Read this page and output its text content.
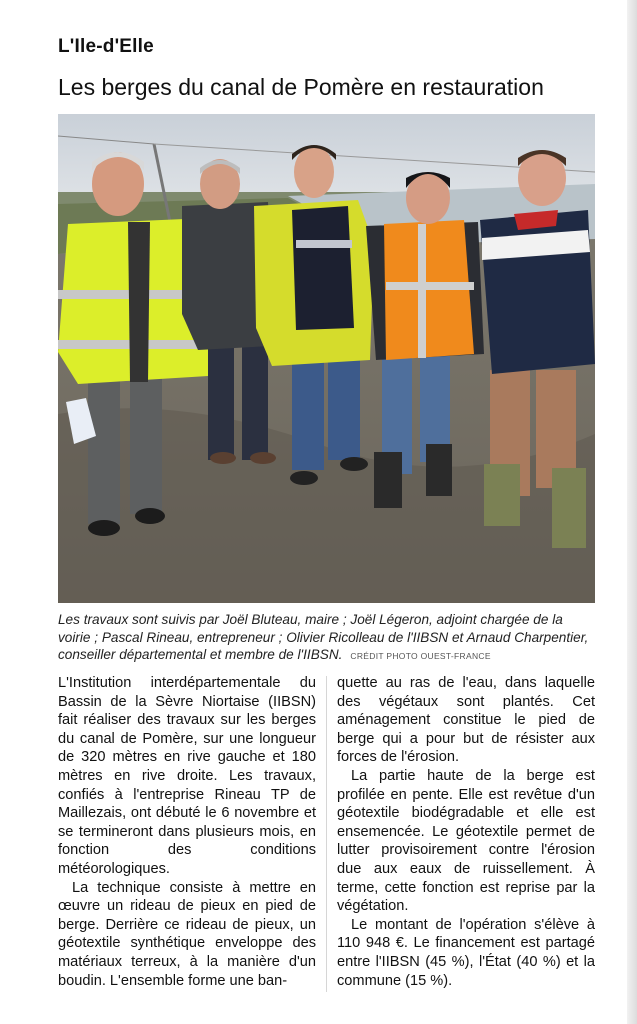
L'Ile-d'Elle
Les berges du canal de Pomère en restauration
Les travaux sont suivis par Joël Bluteau, maire ; Joël Légeron, adjoint chargée de la voirie ; Pascal Rineau, entrepreneur ; Olivier Ricolleau de l'IIBSN et Arnaud Charpentier, conseiller départemental et membre de l'IIBSN. CRÉDIT PHOTO OUEST-FRANCE

L'Institution interdépartementale du Bassin de la Sèvre Niortaise (IIBSN) fait réaliser des travaux sur les berges du canal de Pomère, sur une longueur de 320 mètres en rive gauche et 180 mètres en rive droite. Les travaux, confiés à l'entreprise Rineau TP de Maillezais, ont débuté le 6 novembre et se termineront dans plusieurs mois, en fonction des conditions météorologiques.

La technique consiste à mettre en œuvre un rideau de pieux en pied de berge. Derrière ce rideau de pieux, un géotextile synthétique enveloppe des matériaux terreux, à la manière d'un boudin. L'ensemble forme une ban-

quette au ras de l'eau, dans laquelle des végétaux sont plantés. Cet aménagement constitue le pied de berge qui a pour but de résister aux forces de l'érosion.

La partie haute de la berge est profilée en pente. Elle est revêtue d'un géotextile biodégradable et elle est ensemencée. Le géotextile permet de lutter provisoirement contre l'érosion due aux eaux de ruissellement. À terme, cette fonction est reprise par la végétation.

Le montant de l'opération s'élève à 110 948 €. Le financement est partagé entre l'IIBSN (45 %), l'État (40 %) et la commune (15 %).
